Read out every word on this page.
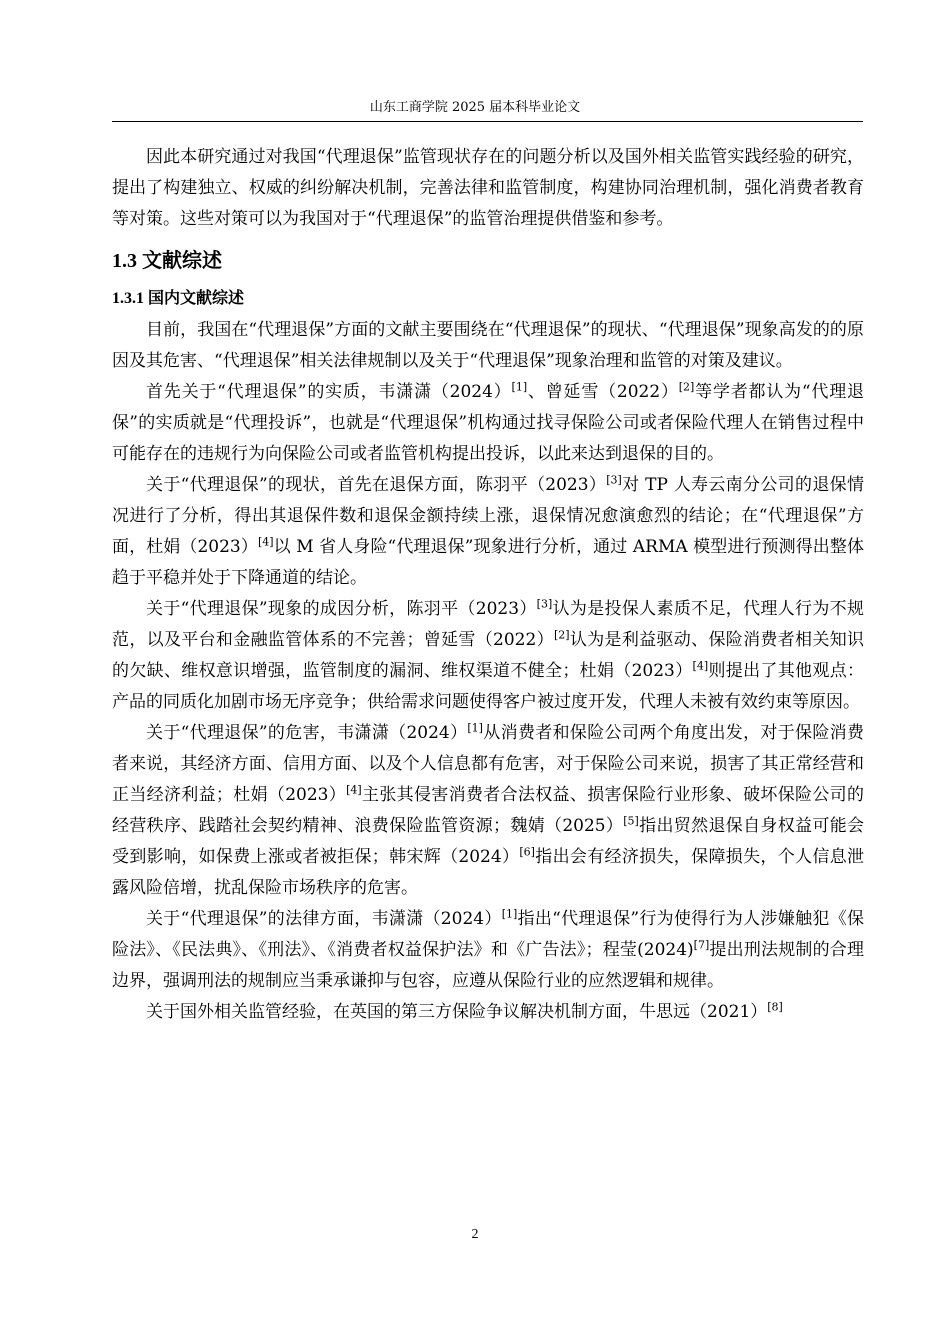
山东工商学院 2025 届本科毕业论文

因此本研究通过对我国“代理退保”监管现状存在的问题分析以及国外相关监管实践经验的研究，提出了构建独立、权威的纠纷解决机制，完善法律和监管制度，构建协同治理机制，强化消费者教育等对策。这些对策可以为我国对于“代理退保”的监管治理提供借鉴和参考。

1.3 文献综述
1.3.1 国内文献综述

目前，我国在“代理退保”方面的文献主要围绕在“代理退保”的现状、“代理退保”现象高发的的原因及其危害、“代理退保”相关法律规制以及关于“代理退保”现象治理和监管的对策及建议。

首先关于“代理退保”的实质，韦潇潇（2024）[1]、曾延雪（2022）[2]等学者都认为“代理退保”的实质就是“代理投诉”，也就是“代理退保”机构通过找寻保险公司或者保险代理人在销售过程中可能存在的违规行为向保险公司或者监管机构提出投诉，以此来达到退保的目的。

关于“代理退保”的现状，首先在退保方面，陈羽平（2023）[3]对 TP 人寿云南分公司的退保情况进行了分析，得出其退保件数和退保金额持续上涨，退保情况愈演愈烈的结论；在“代理退保”方面，杜娟（2023）[4]以 M 省人身险“代理退保”现象进行分析，通过 ARMA 模型进行预测得出整体趋于平稳并处于下降通道的结论。

关于“代理退保”现象的成因分析，陈羽平（2023）[3]认为是投保人素质不足，代理人行为不规范，以及平台和金融监管体系的不完善；曾延雪（2022）[2]认为是利益驱动、保险消费者相关知识的欠缺、维权意识增强，监管制度的漏洞、维权渠道不健全；杜娟（2023）[4]则提出了其他观点：产品的同质化加剧市场无序竞争；供给需求问题使得客户被过度开发，代理人未被有效约束等原因。

关于“代理退保”的危害，韦潇潇（2024）[1]从消费者和保险公司两个角度出发，对于保险消费者来说，其经济方面、信用方面、以及个人信息都有危害，对于保险公司来说，损害了其正常经营和正当经济利益；杜娟（2023）[4]主张其侵害消费者合法权益、损害保险行业形象、破坏保险公司的经营秩序、践踏社会契约精神、浪费保险监管资源；魏婧（2025）[5]指出贸然退保自身权益可能会受到影响，如保费上涨或者被拒保；韩宋辉（2024）[6]指出会有经济损失，保障损失，个人信息泄露风险倍增，扰乱保险市场秩序的危害。

关于“代理退保”的法律方面，韦潇潇（2024）[1]指出“代理退保”行为使得行为人涉嫌触犯《保险法》、《民法典》、《刑法》、《消费者权益保护法》和《广告法》；程莹(2024)[7]提出刑法规制的合理边界，强调刑法的规制应当秉承谦抑与包容，应遵从保险行业的应然逻辑和规律。

关于国外相关监管经验，在英国的第三方保险争议解决机制方面，牛思远（2021）[8]

2
